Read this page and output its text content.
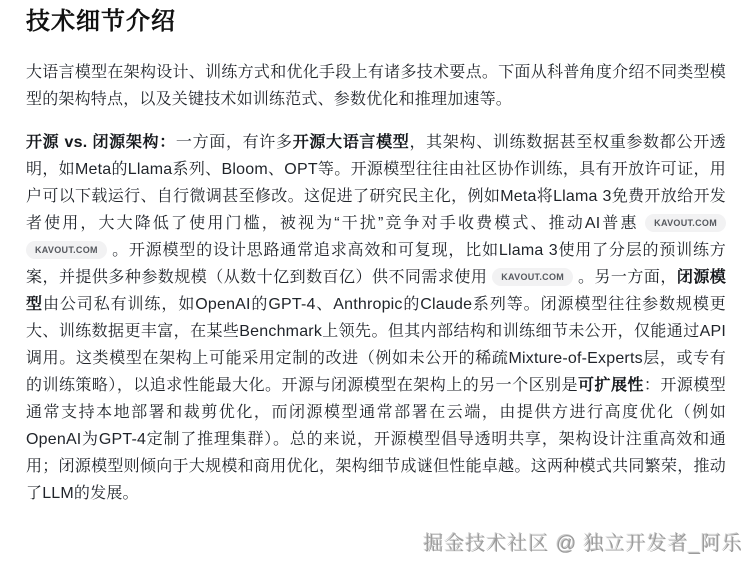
技术细节介绍

大语言模型在架构设计、训练方式和优化手段上有诸多技术要点。下面从科普角度介绍不同类型模型的架构特点，以及关键技术如训练范式、参数优化和推理加速等。

开源 vs. 闭源架构：一方面，有许多开源大语言模型，其架构、训练数据甚至权重参数都公开透明，如Meta的Llama系列、Bloom、OPT等。开源模型往往由社区协作训练，具有开放许可证，用户可以下载运行、自行微调甚至修改。这促进了研究民主化，例如Meta将Llama 3免费开放给开发者使用，大大降低了使用门槛，被视为“干扰”竞争对手收费模式、推动AI普惠 KAVOUT.COM KAVOUT.COM 。开源模型的设计思路通常追求高效和可复现，比如Llama 3使用了分层的预训练方案，并提供多种参数规模（从数十亿到数百亿）供不同需求使用 KAVOUT.COM 。另一方面，闭源模型由公司私有训练，如OpenAI的GPT-4、Anthropic的Claude系列等。闭源模型往往参数规模更大、训练数据更丰富，在某些Benchmark上领先。但其内部结构和训练细节未公开，仅能通过API调用。这类模型在架构上可能采用定制的改进（例如未公开的稀疏Mixture-of-Experts层，或专有的训练策略），以追求性能最大化。开源与闭源模型在架构上的另一个区别是可扩展性：开源模型通常支持本地部署和裁剪优化，而闭源模型通常部署在云端，由提供方进行高度优化（例如OpenAI为GPT-4定制了推理集群）。总的来说，开源模型倡导透明共享，架构设计注重高效和通用；闭源模型则倾向于大规模和商用优化，架构细节成谜但性能卓越。这两种模式共同繁荣，推动了LLM的发展。

掘金技术社区 @ 独立开发者_阿乐
